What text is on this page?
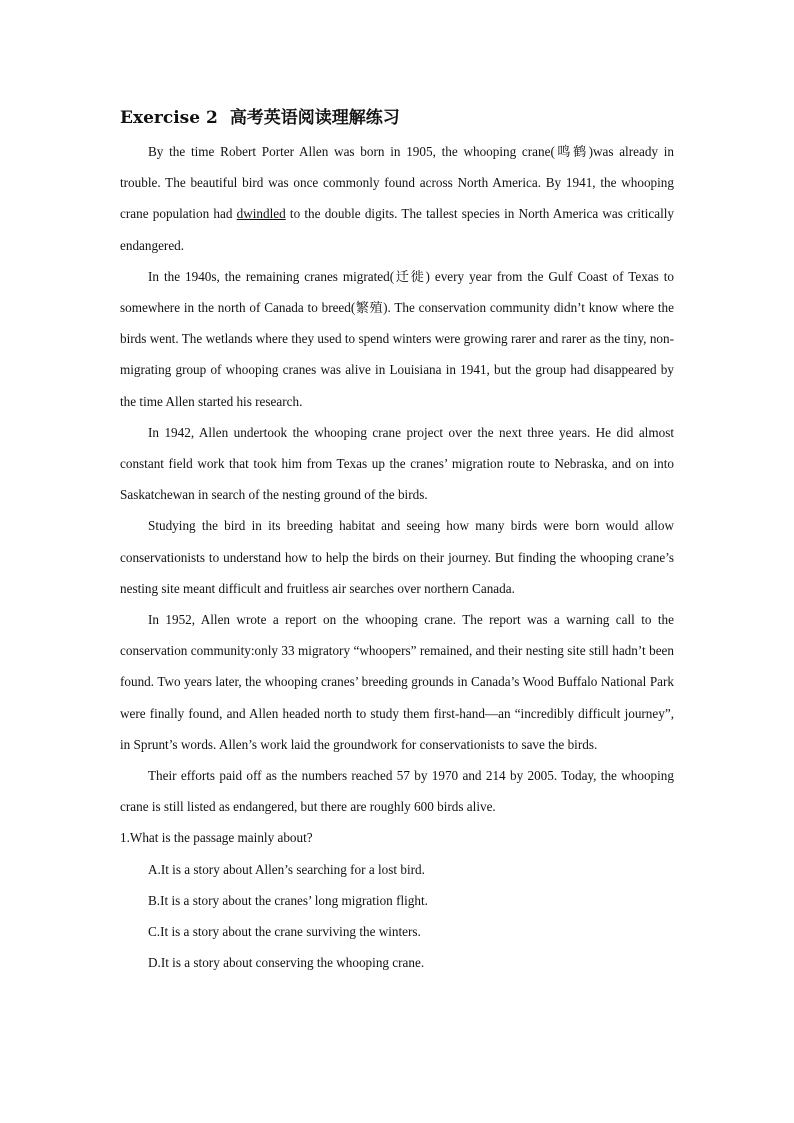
Exercise 2 高考英语阅读理解练习

By the time Robert Porter Allen was born in 1905, the whooping crane(鸣鹤)was already in trouble. The beautiful bird was once commonly found across North America. By 1941, the whooping crane population had dwindled to the double digits. The tallest species in North America was critically endangered.

In the 1940s, the remaining cranes migrated(迁徙) every year from the Gulf Coast of Texas to somewhere in the north of Canada to breed(繁殖). The conservation community didn’t know where the birds went. The wetlands where they used to spend winters were growing rarer and rarer as the tiny, non-migrating group of whooping cranes was alive in Louisiana in 1941, but the group had disappeared by the time Allen started his research.

In 1942, Allen undertook the whooping crane project over the next three years. He did almost constant field work that took him from Texas up the cranes’ migration route to Nebraska, and on into Saskatchewan in search of the nesting ground of the birds.

Studying the bird in its breeding habitat and seeing how many birds were born would allow conservationists to understand how to help the birds on their journey. But finding the whooping crane’s nesting site meant difficult and fruitless air searches over northern Canada.

In 1952, Allen wrote a report on the whooping crane. The report was a warning call to the conservation community:only 33 migratory “whoopers” remained, and their nesting site still hadn’t been found. Two years later, the whooping cranes’ breeding grounds in Canada’s Wood Buffalo National Park were finally found, and Allen headed north to study them first-hand—an “incredibly difficult journey”, in Sprunt’s words. Allen’s work laid the groundwork for conservationists to save the birds.

Their efforts paid off as the numbers reached 57 by 1970 and 214 by 2005. Today, the whooping crane is still listed as endangered, but there are roughly 600 birds alive.

1.What is the passage mainly about?

A.It is a story about Allen’s searching for a lost bird.

B.It is a story about the cranes’ long migration flight.

C.It is a story about the crane surviving the winters.

D.It is a story about conserving the whooping crane.
